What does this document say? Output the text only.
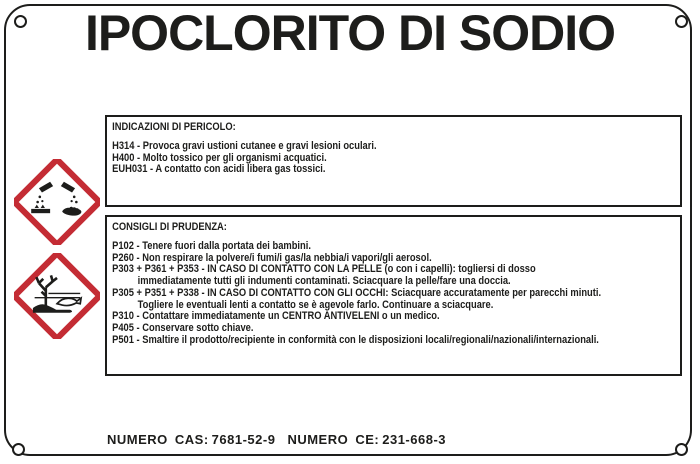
IPOCLORITO DI SODIO
INDICAZIONI DI PERICOLO:
H314 - Provoca gravi ustioni cutanee e gravi lesioni oculari.
H400 - Molto tossico per gli organismi acquatici.
EUH031 - A contatto con acidi libera gas tossici.
CONSIGLI DI PRUDENZA:
P102 - Tenere fuori dalla portata dei bambini.
P260 - Non respirare la polvere/i fumi/i gas/la nebbia/i vapori/gli aerosol.
P303 + P361 + P353 - IN CASO DI CONTATTO CON LA PELLE (o con i capelli): togliersi di dosso
immediatamente tutti gli indumenti contaminati. Sciacquare la pelle/fare una doccia.
P305 + P351 + P338 - IN CASO DI CONTATTO CON GLI OCCHI: Sciacquare accuratamente per parecchi minuti.
Togliere le eventuali lenti a contatto se è agevole farlo. Continuare a sciacquare.
P310 - Contattare immediatamente un CENTRO ANTIVELENI o un medico.
P405 - Conservare sotto chiave.
P501 - Smaltire il prodotto/recipiente in conformità con le disposizioni locali/regionali/nazionali/internazionali.
NUMERO CAS: 7681-52-9 NUMERO CE: 231-668-3
